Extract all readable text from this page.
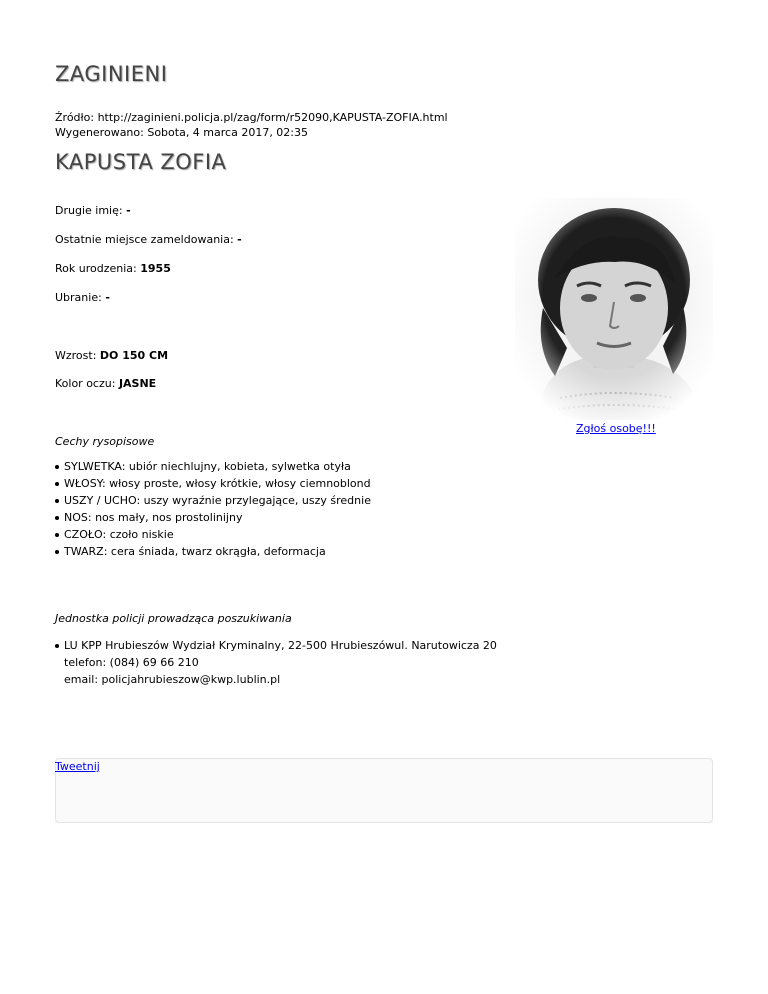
ZAGINIENI
Źródło: http://zaginieni.policja.pl/zag/form/r52090,KAPUSTA-ZOFIA.html
Wygenerowano: Sobota, 4 marca 2017, 02:35
KAPUSTA ZOFIA
Drugie imię: -
Ostatnie miejsce zameldowania: -
Rok urodzenia: 1955
Ubranie: -
Wzrost: DO 150 CM
Kolor oczu: JASNE
Zgłoś osobę!!!
Cechy rysopisowe
SYLWETKA: ubiór niechlujny, kobieta, sylwetka otyła
WŁOSY: włosy proste, włosy krótkie, włosy ciemnoblond
USZY / UCHO: uszy wyraźnie przylegające, uszy średnie
NOS: nos mały, nos prostolinijny
CZOŁO: czoło niskie
TWARZ: cera śniada, twarz okrągła, deformacja
Jednostka policji prowadząca poszukiwania
LU KPP Hrubieszów Wydział Kryminalny, 22-500 Hrubieszówul. Narutowicza 20
telefon: (084) 69 66 210
email: policjahrubieszow@kwp.lublin.pl
Tweetnij
